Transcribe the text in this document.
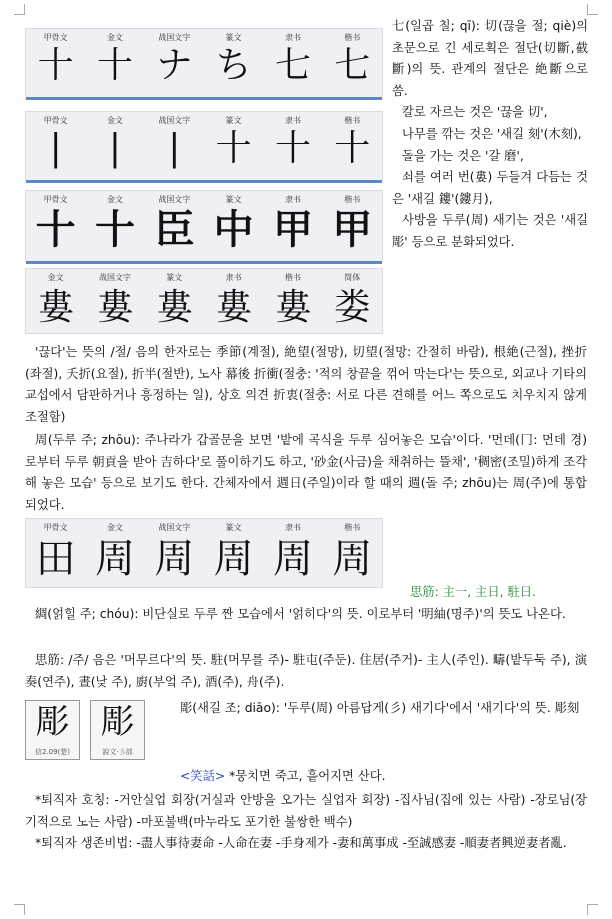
甲骨文	金文	战国文字	篆文	隶书	楷书
十 十 ナ ち 七 七
甲骨文	金文	战国文字	篆文	隶书	楷书
|	|	| 十 十 十
甲骨文	金文	战国文字	篆文	隶书	楷书
十 十 臣 中 甲 甲
金文	战国文字	篆文	隶书	楷书	简体
婁 婁 婁 婁 婁 娄

七(일곱 칠; qī): 切(끊을 절; qiè)의 초문으로 긴 세로획은 절단(切斷,截斷)의 뜻. 관계의 절단은 絶斷으로 씀.

칼로 자르는 것은 '끊을 切',

나무를 깎는 것은 '새길 刻'(木刻),

돌을 가는 것은 '갈 磨',

쇠를 여러 번(婁) 두들겨 다듬는 것은 '새길 鏤'(鏤月),

사방을 두루(周) 새기는 것은 '새길 彫' 등으로 분화되었다.

'끊다'는 뜻의 /절/ 음의 한자로는 季節(계절), 絶望(절망), 切望(절망: 간절히 바람), 根絶(근절), 挫折(좌절), 夭折(요절), 折半(절반), 노사 幕後 折衝(절충: '적의 창끝을 꺾어 막는다'는 뜻으로, 외교나 기타의 교섭에서 담판하거나 흥정하는 일), 상호 의견 折衷(절충: 서로 다른 견해를 어느 쪽으로도 치우치지 않게 조절함)

周(두루 주; zhōu): 주나라가 갑골문을 보면 '밭에 곡식을 두루 심어놓은 모습'이다. '먼데(冂: 먼데 경)로부터 두루 朝貢을 받아 吉하다'로 풀이하기도 하고, '砂金(사금)을 채취하는 뜰채', '稠密(조밀)하게 조각해 놓은 모습' 등으로 보기도 한다. 간체자에서 週日(주일)이라 할 때의 週(돌 주; zhōu)는 周(주)에 통합되었다.

甲骨文	金文	战国文字	篆文	隶书	楷书
田 周 周 周 周 周

思筋: 主一, 主日, 駐日.

綢(얽힐 주; chóu): 비단실로 두루 짠 모습에서 '얽히다'의 뜻. 이로부터 '明紬(명주)'의 뜻도 나온다.

思筋: /주/ 음은 '머무르다'의 뜻. 駐(머무를 주)- 駐屯(주둔). 住居(주거)- 主人(주인). 疇(밭두둑 주), 演奏(연주), 晝(낮 주), 廚(부엌 주), 酒(주), 舟(주).

彫
信2.09(楚)
彫
說文·彡部

彫(새길 조; diāo): '두루(周) 아름답게(彡) 새기다'에서 '새기다'의 뜻. 彫刻

<笑話> *뭉치면 죽고, 흩어지면 산다.

*퇴직자 호칭: -거안실업 회장(거실과 안방을 오가는 실업자 회장) -집사님(집에 있는 사람) -장로님(장기적으로 노는 사람) -마포불백(마누라도 포기한 불쌍한 백수)

*퇴직자 생존비법: -盡人事待妻命 -人命在妻 -手身제가 -妻和萬事成 -至誠感妻 -順妻者興逆妻者亂.
